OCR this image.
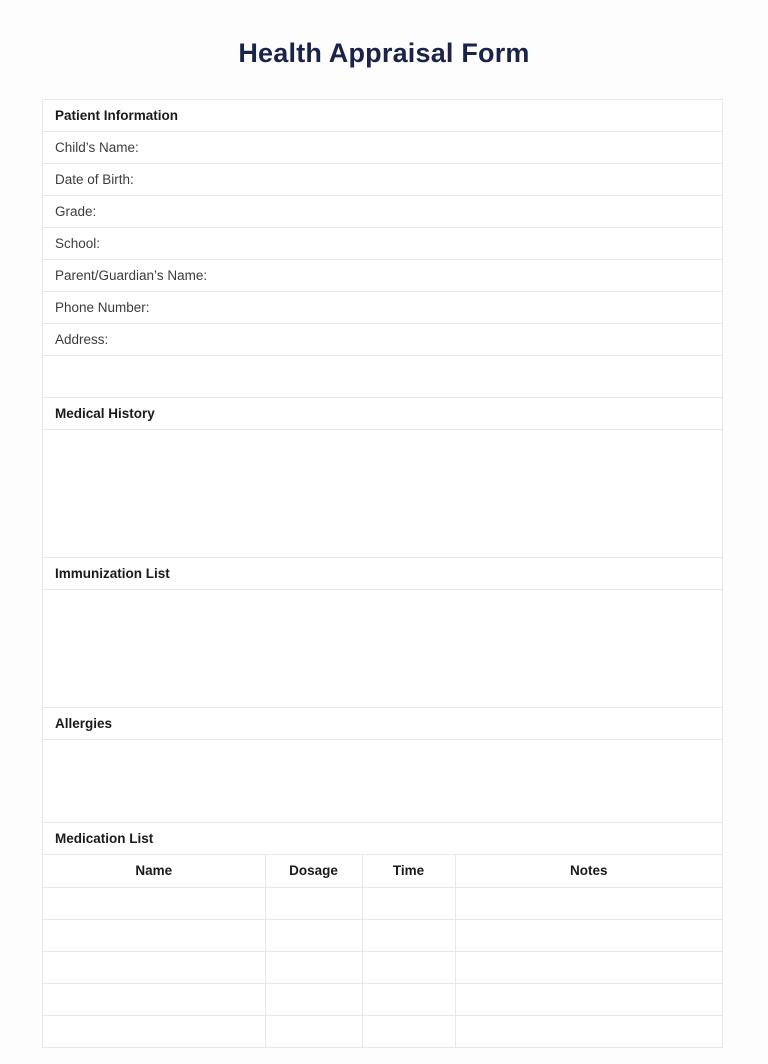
Health Appraisal Form
Patient Information
Child’s Name:
Date of Birth:
Grade:
School:
Parent/Guardian’s Name:
Phone Number:
Address:
Medical History
Immunization List
Allergies
Medication List
Name	Dosage	Time	Notes
